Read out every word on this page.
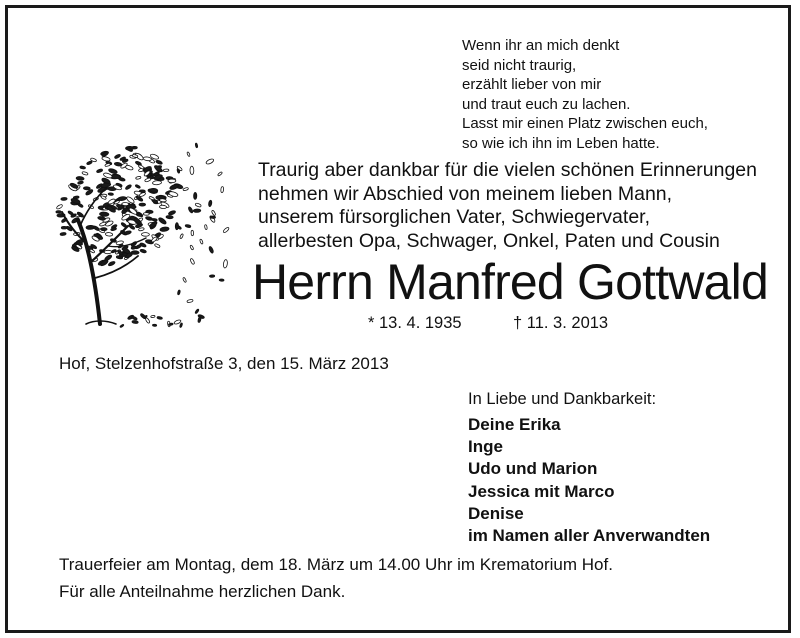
Wenn ihr an mich denkt
seid nicht traurig,
erzählt lieber von mir
und traut euch zu lachen.
Lasst mir einen Platz zwischen euch,
so wie ich ihn im Leben hatte.
Traurig aber dankbar für die vielen schönen Erinnerungen
nehmen wir Abschied von meinem lieben Mann,
unserem fürsorglichen Vater, Schwiegervater,
allerbesten Opa, Schwager, Onkel, Paten und Cousin
Herrn Manfred Gottwald
* 13. 4. 1935	† 11. 3. 2013
Hof, Stelzenhofstraße 3, den 15. März 2013
In Liebe und Dankbarkeit:
Deine Erika
Inge
Udo und Marion
Jessica mit Marco
Denise
im Namen aller Anverwandten
Trauerfeier am Montag, dem 18. März um 14.00 Uhr im Krematorium Hof.
Für alle Anteilnahme herzlichen Dank.
